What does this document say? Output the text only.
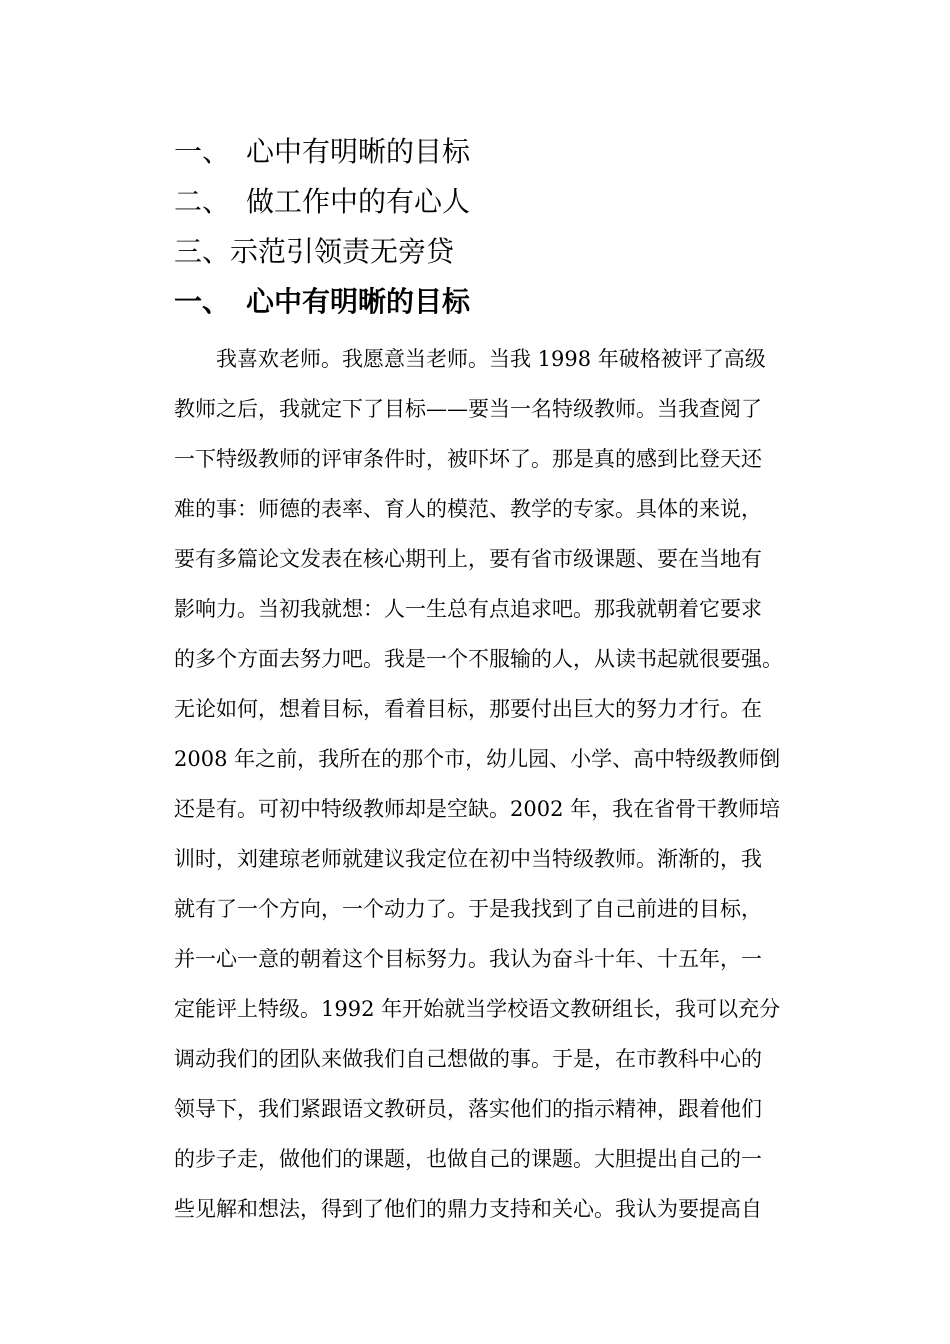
一、 心中有明晰的目标
二、 做工作中的有心人
三、示范引领责无旁贷
一、 心中有明晰的目标
　　我喜欢老师。我愿意当老师。当我 1998 年破格被评了高级
教师之后，我就定下了目标——要当一名特级教师。当我查阅了
一下特级教师的评审条件时，被吓坏了。那是真的感到比登天还
难的事：师德的表率、育人的模范、教学的专家。具体的来说，
要有多篇论文发表在核心期刊上，要有省市级课题、要在当地有
影响力。当初我就想：人一生总有点追求吧。那我就朝着它要求
的多个方面去努力吧。我是一个不服输的人，从读书起就很要强。
无论如何，想着目标，看着目标，那要付出巨大的努力才行。在
2008 年之前，我所在的那个市，幼儿园、小学、高中特级教师倒
还是有。可初中特级教师却是空缺。2002 年，我在省骨干教师培
训时，刘建琼老师就建议我定位在初中当特级教师。渐渐的，我
就有了一个方向，一个动力了。于是我找到了自己前进的目标，
并一心一意的朝着这个目标努力。我认为奋斗十年、十五年，一
定能评上特级。1992 年开始就当学校语文教研组长，我可以充分
调动我们的团队来做我们自己想做的事。于是，在市教科中心的
领导下，我们紧跟语文教研员，落实他们的指示精神，跟着他们
的步子走，做他们的课题，也做自己的课题。大胆提出自己的一
些见解和想法，得到了他们的鼎力支持和关心。我认为要提高自
